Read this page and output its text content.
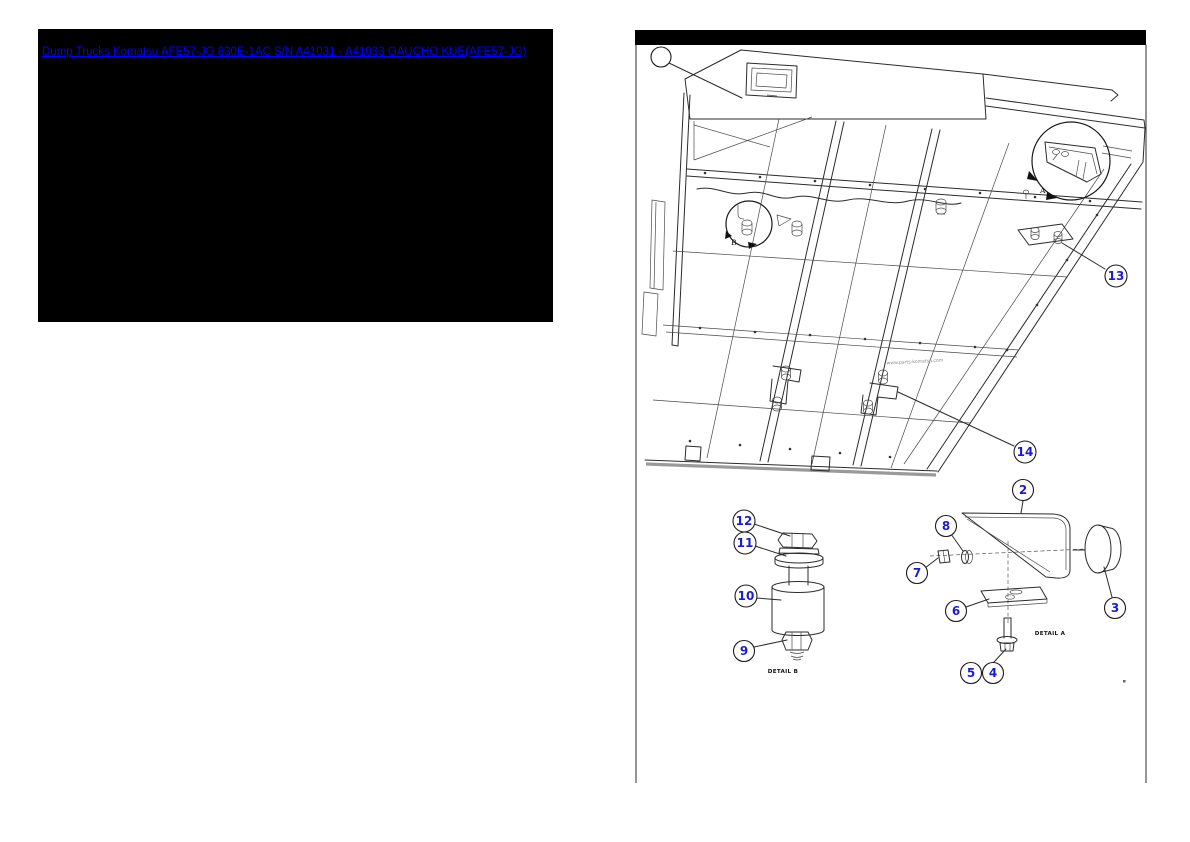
Dump Trucks Komatsu AFE57-JG 830E-1AC S/N A41031 - A41033 GAUCHO KUE(AFE57-JG)
B
A
www.parts-komatsu.com
DETAIL B
DETAIL A
2
3
4
5
6
7
8
9
10
11
12
13
14
